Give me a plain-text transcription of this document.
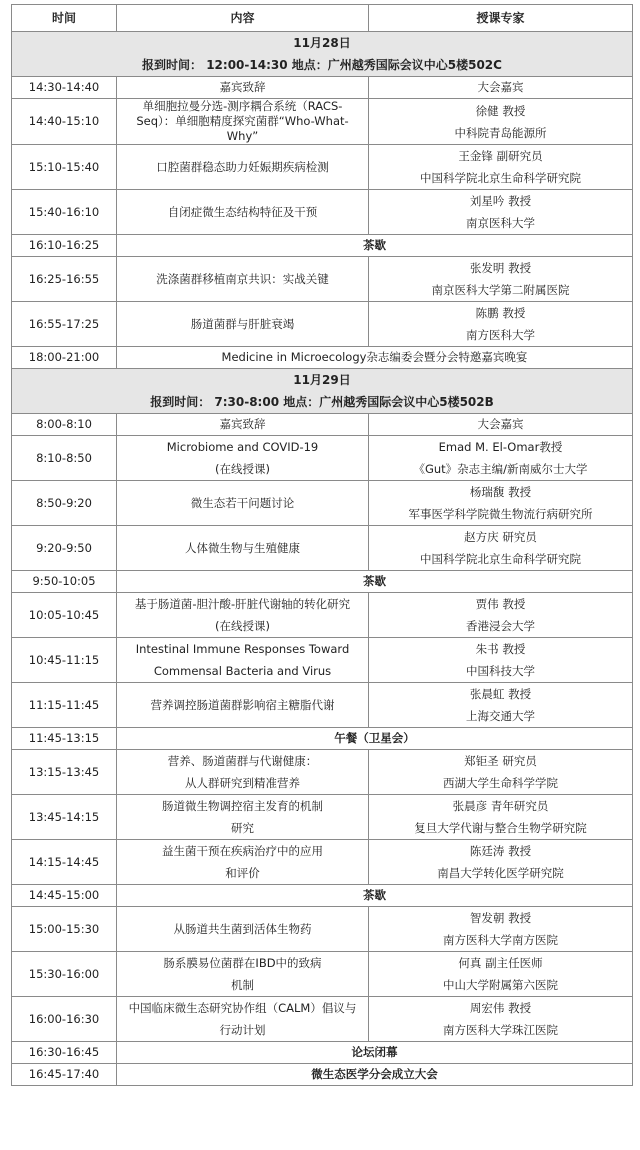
时间	内容	授课专家

11月28日
报到时间： 12:00-14:30 地点：广州越秀国际会议中心5楼502C		

14:30-14:40	嘉宾致辞	大会嘉宾

14:40-15:10	单细胞拉曼分选-测序耦合系统（RACS-
Seq）：单细胞精度探究菌群“Who-What-
Why”	徐健 教授
中科院青岛能源所

15:10-15:40	口腔菌群稳态助力妊娠期疾病检测	王金锋 副研究员
中国科学院北京生命科学研究院

15:40-16:10	自闭症微生态结构特征及干预	刘星吟 教授
南京医科大学

16:10-16:25	茶歇	

16:25-16:55	洗涤菌群移植南京共识：实战关键	张发明 教授
南京医科大学第二附属医院

16:55-17:25	肠道菌群与肝脏衰竭	陈鹏 教授
南方医科大学

18:00-21:00	Medicine in Microecology杂志编委会暨分会特邀嘉宾晚宴	

11月29日
报到时间： 7:30-8:00 地点：广州越秀国际会议中心5楼502B		

8:00-8:10	嘉宾致辞	大会嘉宾

8:10-8:50	Microbiome and COVID-19
(在线授课)	Emad M. El-Omar教授
《Gut》杂志主编/新南威尔士大学

8:50-9:20	微生态若干问题讨论	杨瑞馥 教授
军事医学科学院微生物流行病研究所

9:20-9:50	人体微生物与生殖健康	赵方庆 研究员
中国科学院北京生命科学研究院

9:50-10:05	茶歇	

10:05-10:45	基于肠道菌-胆汁酸-肝脏代谢轴的转化研究
(在线授课)	贾伟 教授
香港浸会大学

10:45-11:15	Intestinal Immune Responses Toward
Commensal Bacteria and Virus	朱书 教授
中国科技大学

11:15-11:45	营养调控肠道菌群影响宿主糖脂代谢	张晨虹 教授
上海交通大学

11:45-13:15	午餐（卫星会）	

13:15-13:45	营养、肠道菌群与代谢健康：
从人群研究到精准营养	郑钜圣 研究员
西湖大学生命科学学院

13:45-14:15	肠道微生物调控宿主发育的机制
研究	张晨彦 青年研究员
复旦大学代谢与整合生物学研究院

14:15-14:45	益生菌干预在疾病治疗中的应用
和评价	陈廷涛 教授
南昌大学转化医学研究院

14:45-15:00	茶歇	

15:00-15:30	从肠道共生菌到活体生物药	智发朝 教授
南方医科大学南方医院

15:30-16:00	肠系膜易位菌群在IBD中的致病
机制	何真 副主任医师
中山大学附属第六医院

16:00-16:30	中国临床微生态研究协作组（CALM）倡议与
行动计划	周宏伟 教授
南方医科大学珠江医院

16:30-16:45	论坛闭幕	

16:45-17:40	微生态医学分会成立大会	
